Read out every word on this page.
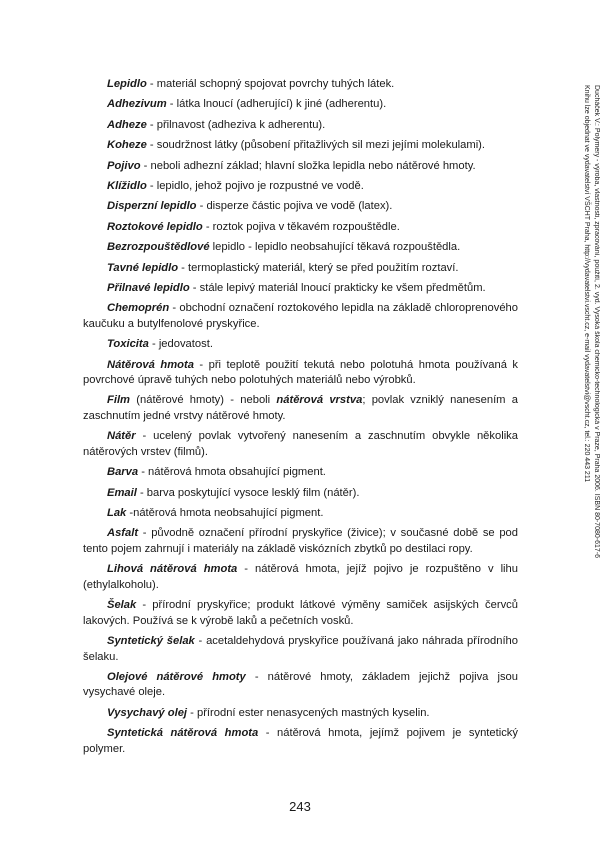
Lepidlo - materiál schopný spojovat povrchy tuhých látek.

Adhezivum - látka lnoucí (adherující) k jiné (adherentu).

Adheze - přilnavost (adheziva k adherentu).

Koheze - soudržnost látky (působení přitažlivých sil mezi jejími molekulami).

Pojivo - neboli adhezní základ; hlavní složka lepidla nebo nátěrové hmoty.

Klížidlo - lepidlo, jehož pojivo je rozpustné ve vodě.

Disperzní lepidlo - disperze částic pojiva ve vodě (latex).

Roztokové lepidlo - roztok pojiva v těkavém rozpouštědle.

Bezrozpouštědlové lepidlo - lepidlo neobsahující těkavá rozpouštědla.

Tavné lepidlo - termoplastický materiál, který se před použitím roztaví.

Přilnavé lepidlo - stále lepivý materiál lnoucí prakticky ke všem předmětům.

Chemoprén - obchodní označení roztokového lepidla na základě chloroprenového kaučuku a butylfenolové pryskyřice.

Toxicita - jedovatost.

Nátěrová hmota - při teplotě použití tekutá nebo polotuhá hmota používaná k povrchové úpravě tuhých nebo polotuhých materiálů nebo výrobků.

Film (nátěrové hmoty) - neboli nátěrová vrstva; povlak vzniklý nanesením a zaschnutím jedné vrstvy nátěrové hmoty.

Nátěr - ucelený povlak vytvořený nanesením a zaschnutím obvykle několika nátěrových vrstev (filmů).

Barva - nátěrová hmota obsahující pigment.

Email - barva poskytující vysoce lesklý film (nátěr).

Lak -nátěrová hmota neobsahující pigment.

Asfalt - původně označení přírodní pryskyřice (živice); v současné době se pod tento pojem zahrnují i materiály na základě viskózních zbytků po destilaci ropy.

Lihová nátěrová hmota - nátěrová hmota, jejíž pojivo je rozpuštěno v lihu (ethylalkoholu).

Šelak - přírodní pryskyřice; produkt látkové výměny samiček asijských červců lakových. Používá se k výrobě laků a pečetních vosků.

Syntetický šelak - acetaldehydová pryskyřice používaná jako náhrada přírodního šelaku.

Olejové nátěrové hmoty - nátěrové hmoty, základem jejichž pojiva jsou vysychavé oleje.

Vysychavý olej - přírodní ester nenasycených mastných kyselin.

Syntetická nátěrová hmota - nátěrová hmota, jejímž pojivem je syntetický polymer.

243
Ducháček V.: Polymery - výroba, vlastnosti, zpracování, použití, 2. vyd. Vysoká škola chemicko-technologická v Praze, Praha 2006. ISBN 80-7080-617-6
Knihu lze objednat ve vydavatelství VŠCHT Praha, http://vydavatelstvi.vscht.cz, e-mail vydavatelstvi@vscht.cz, tel.: 220 443 211
